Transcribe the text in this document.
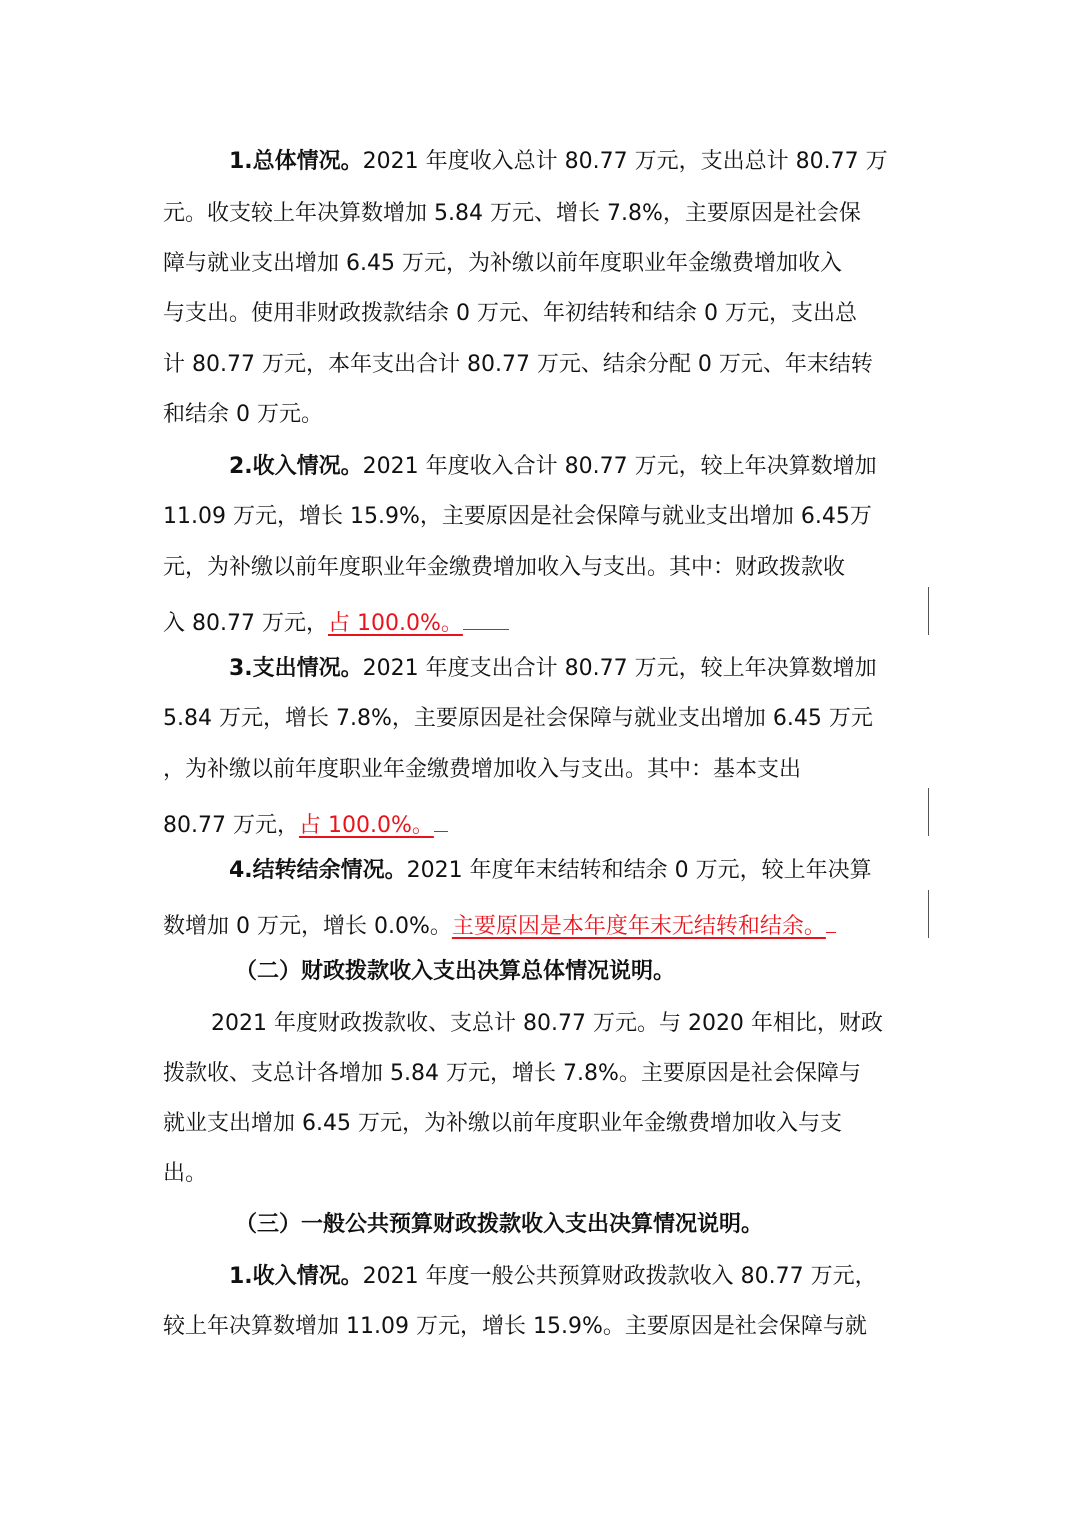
1.总体情况。2021 年度收入总计 80.77 万元，支出总计 80.77 万
元。收支较上年决算数增加 5.84 万元、增长 7.8%，主要原因是社会保
障与就业支出增加 6.45 万元，为补缴以前年度职业年金缴费增加收入
与支出。使用非财政拨款结余 0 万元、年初结转和结余 0 万元，支出总
计 80.77 万元，本年支出合计 80.77 万元、结余分配 0 万元、年末结转
和结余 0 万元。
2.收入情况。2021 年度收入合计 80.77 万元，较上年决算数增加
11.09 万元，增长 15.9%，主要原因是社会保障与就业支出增加 6.45万
元，为补缴以前年度职业年金缴费增加收入与支出。其中：财政拨款收
入 80.77 万元，占 100.0%。
3.支出情况。2021 年度支出合计 80.77 万元，较上年决算数增加
5.84 万元，增长 7.8%，主要原因是社会保障与就业支出增加 6.45 万元
，为补缴以前年度职业年金缴费增加收入与支出。其中：基本支出
80.77 万元，占 100.0%。
4.结转结余情况。2021 年度年末结转和结余 0 万元，较上年决算
数增加 0 万元，增长 0.0%。主要原因是本年度年末无结转和结余。
（二）财政拨款收入支出决算总体情况说明。
2021 年度财政拨款收、支总计 80.77 万元。与 2020 年相比，财政
拨款收、支总计各增加 5.84 万元，增长 7.8%。主要原因是社会保障与
就业支出增加 6.45 万元，为补缴以前年度职业年金缴费增加收入与支
出。
（三）一般公共预算财政拨款收入支出决算情况说明。
1.收入情况。2021 年度一般公共预算财政拨款收入 80.77 万元，
较上年决算数增加 11.09 万元，增长 15.9%。主要原因是社会保障与就
